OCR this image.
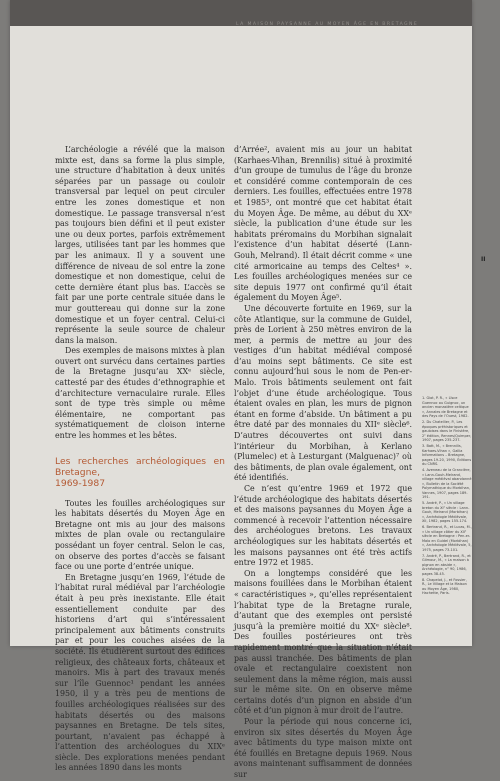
LA MAISON PAYSANNE AU MOYEN ÂGE EN BRETAGNE

L’archéologie a révélé que la maison mixte est, dans sa forme la plus simple, une structure d’habitation à deux unités séparées par un passage ou couloir transversal par lequel on peut circuler entre les zones domestique et non domestique. Le passage transversal n’est pas toujours bien défini et il peut exister une ou deux portes, parfois extrêmement larges, utilisées tant par les hommes que par les animaux. Il y a souvent une différence de niveau de sol entre la zone domestique et non domestique, celui de cette dernière étant plus bas. L’accès se fait par une porte centrale située dans le mur gouttereau qui donne sur la zone domestique et un foyer central. Celui-ci représente la seule source de chaleur dans la maison.

Des exemples de maisons mixtes à plan ouvert ont survécu dans certaines parties de la Bretagne jusqu’au XXᵉ siècle, cattesté par des études d’ethnographie et d’architecture vernaculaire rurale. Elles sont de type très simple ou même élémentaire, ne comportant pas systématiquement de cloison interne entre les hommes et les bêtes.

Les recherches archéologiques en Bretagne,
1969-1987

Toutes les fouilles archéologiques sur les habitats désertés du Moyen Âge en Bretagne ont mis au jour des maisons mixtes de plan ovale ou rectangulaire possédant un foyer central. Selon le cas, on observe des portes d’accès se faisant face ou une porte d’entrée unique.

En Bretagne jusqu’en 1969, l’étude de l’habitat rural médiéval par l’archéologie était à peu près inexistante. Elle était essentiellement conduite par des historiens d’art qui s’intéressaient principalement aux bâtiments construits par et pour les couches aisées de la société. Ils étudièrent surtout des édifices religieux, des châteaux forts, châteaux et manoirs. Mis à part des travaux menés sur l’île Guennoc¹ pendant les années 1950, il y a très peu de mentions de fouilles archéologiques réalisées sur des habitats désertés ou des maisons paysannes en Bretagne. De tels sites, pourtant, n’avaient pas échappé à l’attention des archéologues du XIXᵉ siècle. Des explorations menées pendant les années 1890 dans les monts

d’Arrée², avaient mis au jour un habitat (Karhaes-Vihan, Brennilis) situé à proximité d’un groupe de tumulus de l’âge du bronze et considéré comme contemporain de ces derniers. Les fouilles, effectuées entre 1978 et 1985³, ont montré que cet habitat était du Moyen Âge. De même, au début du XXᵉ siècle, la publication d’une étude sur les habitats préromains du Morbihan signalait l’existence d’un habitat déserté (Lann-Gouh, Melrand). Il était décrit comme « une cité armoricaine au temps des Celtes⁴ ». Les fouilles archéologiques menées sur ce site depuis 1977 ont confirmé qu’il était également du Moyen Âge⁵.

Une découverte fortuite en 1969, sur la côte Atlantique, sur la commune de Guidel, près de Lorient à 250 mètres environ de la mer, a permis de mettre au jour des vestiges d’un habitat médiéval composé d’au moins sept bâtiments. Ce site est connu aujourd’hui sous le nom de Pen-er-Malo. Trois bâtiments seulement ont fait l’objet d’une étude archéologique. Tous étaient ovales en plan, les murs de pignon étant en forme d’abside. Un bâtiment a pu être daté par des monnaies du XIIᵉ siècle⁶. D’autres découvertes ont suivi dans l’intérieur du Morbihan, à Kerlano (Plumelec) et à Lesturgant (Malguenac)⁷ où des bâtiments, de plan ovale également, ont été identifiés.

Ce n’est qu’entre 1969 et 1972 que l’étude archéologique des habitats désertés et des maisons paysannes du Moyen Âge a commencé à recevoir l’attention nécessaire des archéologues bretons. Les travaux archéologiques sur les habitats désertés et les maisons paysannes ont été très actifs entre 1972 et 1985.

On a longtemps considéré que les maisons fouillées dans le Morbihan étaient « caractéristiques », qu’elles représentaient l’habitat type de la Bretagne rurale, d’autant que des exemples ont persisté jusqu’à la première moitié du XXᵉ siècle⁸. Des fouilles postérieures ont très rapidement montré que la situation n’était pas aussi tranchée. Des bâtiments de plan ovale et rectangulaire coexistent non seulement dans la même région, mais aussi sur le même site. On en observe même certains dotés d’un pignon en abside d’un côté et d’un pignon à mur droit de l’autre.

Pour la période qui nous concerne ici, environ six sites désertés du Moyen Âge avec bâtiments du type maison mixte ont été fouillés en Bretagne depuis 1969. Nous avons maintenant suffisamment de données sur

1. Giot, P. R., « Lîsce Guennoc ou Guignoc, un ancien monastère celtique », Annales de Bretagne et des Pays de l’Ouest, 1982.

2. Du Chatellier, P., Les époques préhistoriques et gauloises dans le Finistère, 2ᵉ édition, Rennes/Quimper, 1907, pages 235-237.

3. Batt, M., « Brennilis, Karhaes-Vihan », Gallia Informations – Bretagne, pages 19-20, 1990, Éditions du CNRS.

4. Aveneau de la Grancière, « Lann-Gouh-Melrand, village médiéval abandonné », Bulletin de la Société Polymathique du Morbihan, Vannes, 1907, pages 189-191.

5. André, P., « Un village breton du XIᵉ siècle : Lann-Gouh, Melrand (Morbihan) », Archéologie Médiévale, XII, 1982, pages 155-174.

6. Bertrand, R., et Lucas, M., « Un village côtier du XIIᵉ siècle en Bretagne : Pen-er-Malo en Guidel (Morbihan) », Archéologie Médiévale, 5, 1975, pages 73-101.

7. André, P., Bertrand, R., et Gilmour, M., « La maison à pignon en abside », Archéologie, n° 90, 1986, pages 38-45.

8. Chapelot, J., et Fossier, R., Le Village et la Maison au Moyen Âge, 1980, Hachette, Paris.

II
